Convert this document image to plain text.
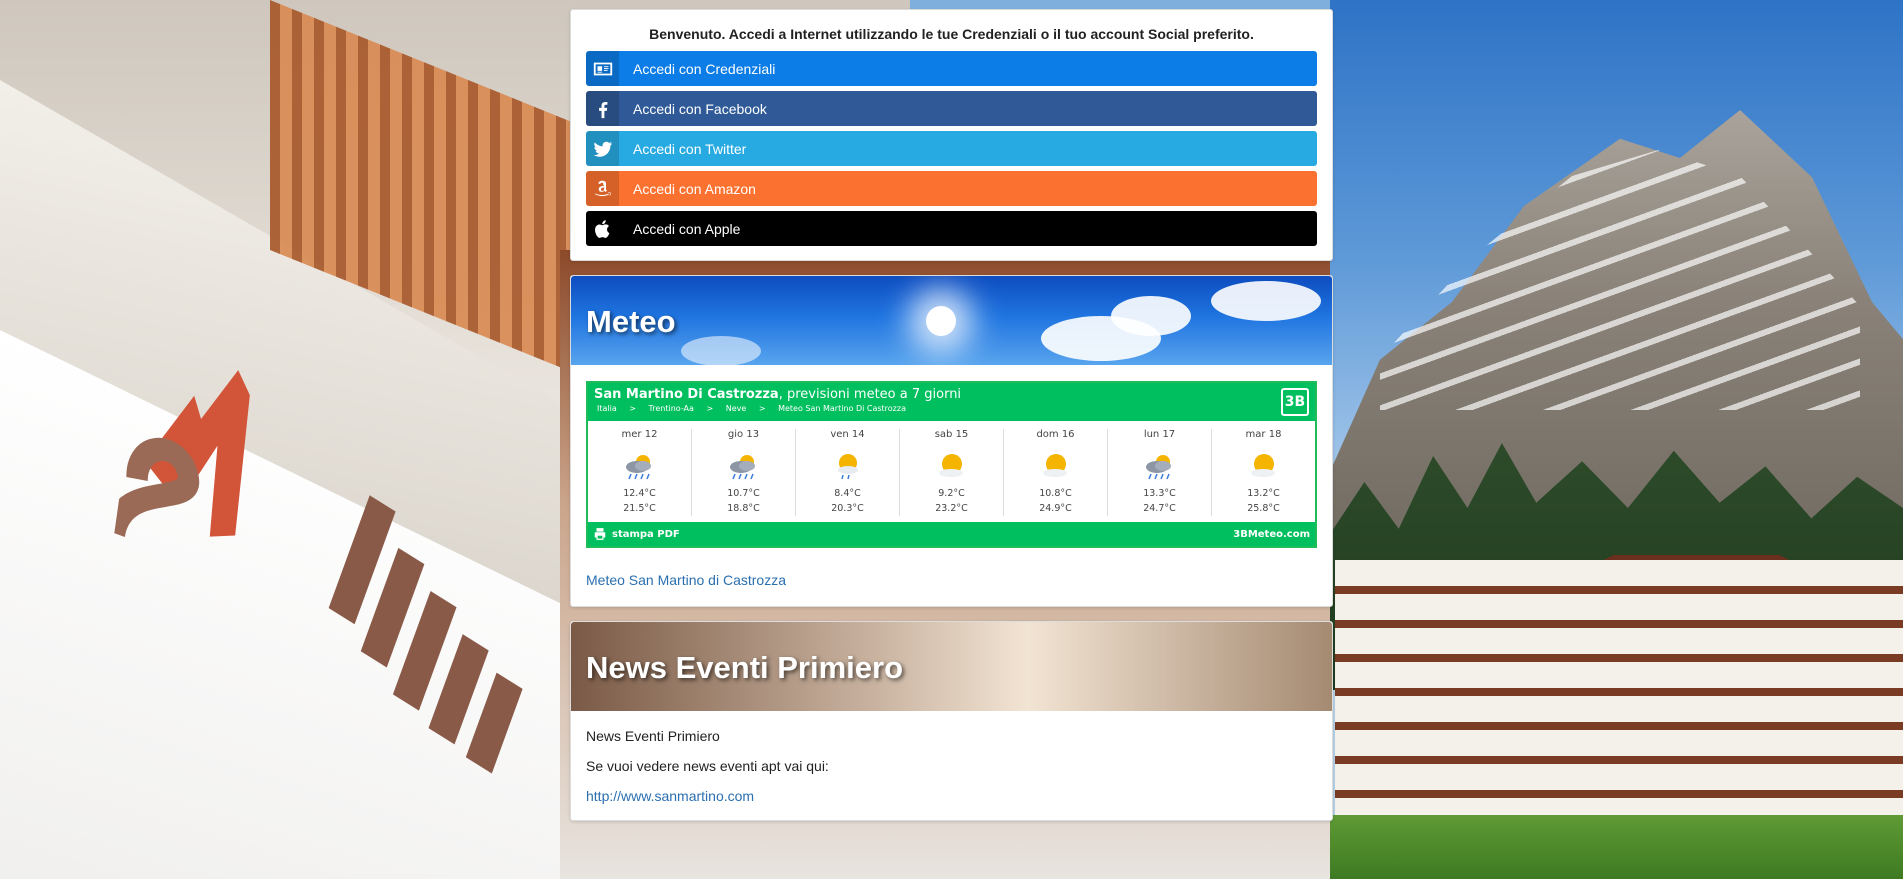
Benvenuto. Accedi a Internet utilizzando le tue Credenziali o il tuo account Social preferito.
Accedi con Credenziali
Accedi con Facebook
Accedi con Twitter
Accedi con Amazon
Accedi con Apple
Meteo
San Martino Di Castrozza, previsioni meteo a 7 giorni
Italia > Trentino-Aa > Neve > Meteo San Martino Di Castrozza	3B
mer 12
12.4°C
21.5°C
gio 13
10.7°C
18.8°C
ven 14
8.4°C
20.3°C
sab 15
9.2°C
23.2°C
dom 16
10.8°C
24.9°C
lun 17
13.3°C
24.7°C
mar 18
13.2°C
25.8°C
stampa PDF	3BMeteo.com
Meteo San Martino di Castrozza
News Eventi Primiero

News Eventi Primiero

Se vuoi vedere news eventi apt vai qui:

http://www.sanmartino.com
